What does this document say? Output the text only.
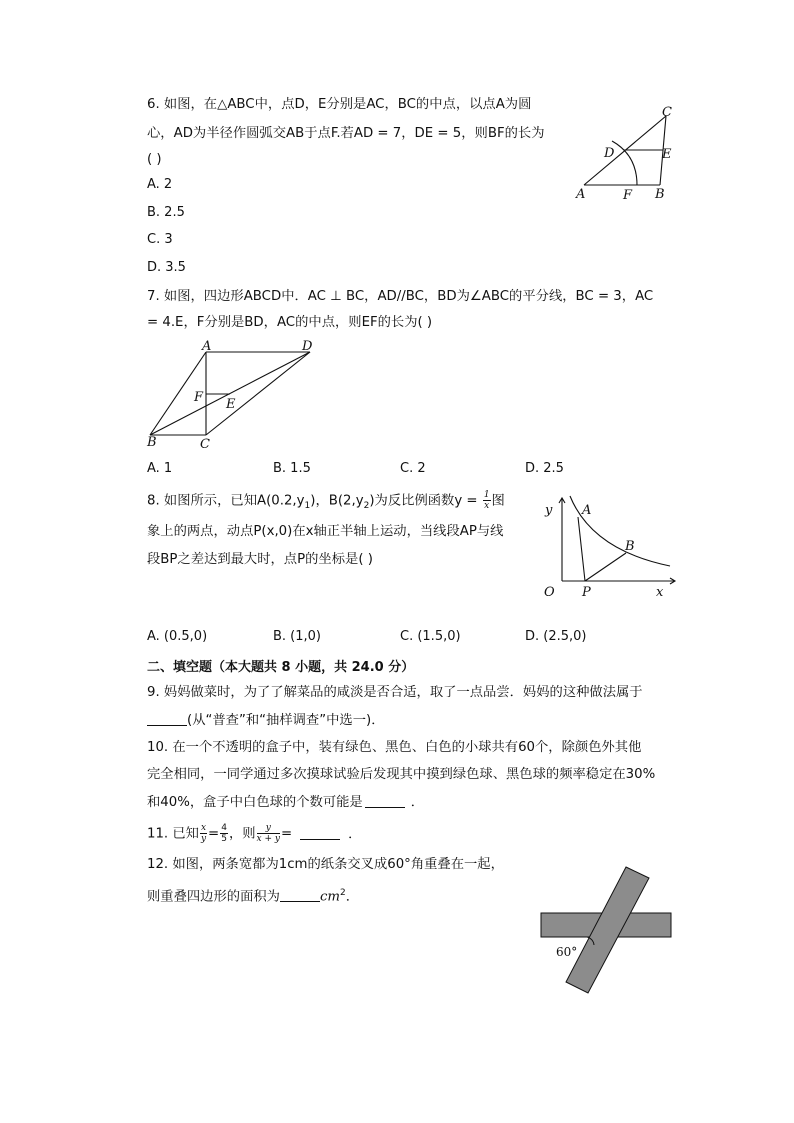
6. 如图，在△ABC中，点D，E分别是AC，BC的中点，以点A为圆
心，AD为半径作圆弧交AB于点F.若AD = 7，DE = 5，则BF的长为
( )
A. 2
B. 2.5
C. 3
D. 3.5
C
D	E
A	F B
7. 如图，四边形ABCD中．AC ⊥ BC，AD//BC，BD为∠ABC的平分线，BC = 3，AC
= 4.E，F分别是BD，AC的中点，则EF的长为( )
A	D
F E
B	C
A. 1	B. 1.5	C. 2	D. 2.5
8. 如图所示，已知$A(0.2,y_1)$，$B(2,y_2)$为反比例函数$y = \frac{1}{x}$ 图
象上的两点，动点P(x,0)在x轴正半轴上运动，当线段AP与线
段BP之差达到最大时，点P的坐标是( )
y A
B
O P	x
A. (0.5,0)	B. (1,0)	C. (1.5,0)	D. (2.5,0)
二、填空题（本大题共 8 小题，共 24.0 分）
9. 妈妈做菜时，为了了解菜品的咸淡是否合适，取了一点品尝．妈妈的这种做法属于
(从“普查”和“抽样调查”中选一)．
10. 在一个不透明的盒子中，装有绿色、黑色、白色的小球共有60个，除颜色外其他
完全相同，一同学通过多次摸球试验后发现其中摸到绿色球、黑色球的频率稳定在30%
和40%，盒子中白色球的个数可能是	．
11. 已知 $\frac{x}{y} = \frac{4}{5}$ ，则 $\frac{y}{x + y}$ =	．
12. 如图，两条宽都为1cm的纸条交叉成60°角重叠在一起，
则重叠四边形的面积为	$cm^2$．
60°
